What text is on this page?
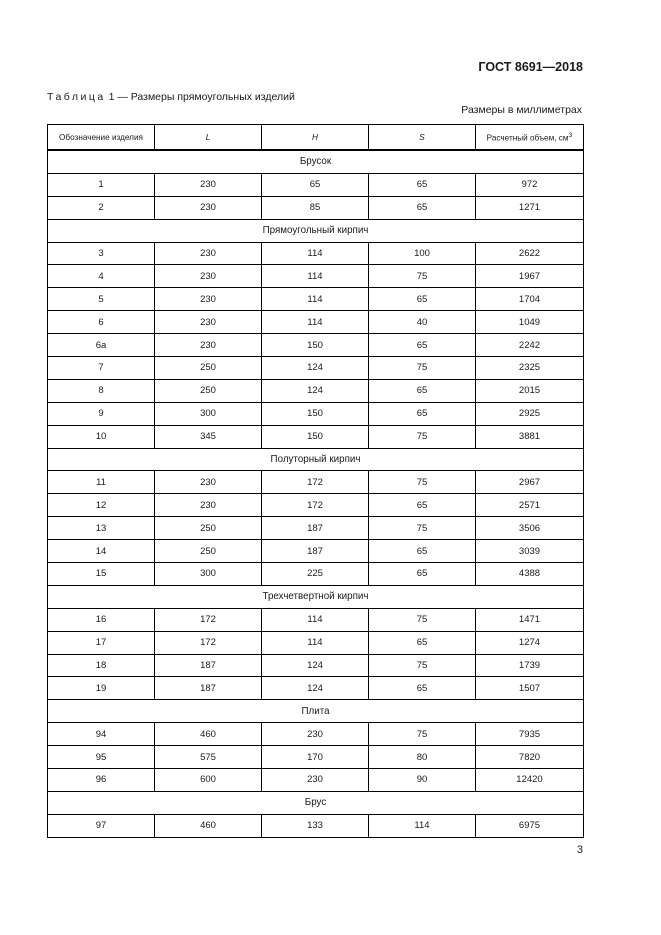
ГОСТ 8691—2018
Таблица 1 — Размеры прямоугольных изделий
Размеры в миллиметрах
Обозначение изделия	L	H	S	Расчетный объем, $см^3$
Брусок				
1	230	65	65	972
2	230	85	65	1271
Прямоугольный кирпич				
3	230	114	100	2622
4	230	114	75	1967
5	230	114	65	1704
6	230	114	40	1049
6а	230	150	65	2242
7	250	124	75	2325
8	250	124	65	2015
9	300	150	65	2925
10	345	150	75	3881
Полуторный кирпич				
11	230	172	75	2967
12	230	172	65	2571
13	250	187	75	3506
14	250	187	65	3039
15	300	225	65	4388
Трехчетвертной кирпич				
16	172	114	75	1471
17	172	114	65	1274
18	187	124	75	1739
19	187	124	65	1507
Плита				
94	460	230	75	7935
95	575	170	80	7820
96	600	230	90	12420
Брус				
97	460	133	114	6975
3
